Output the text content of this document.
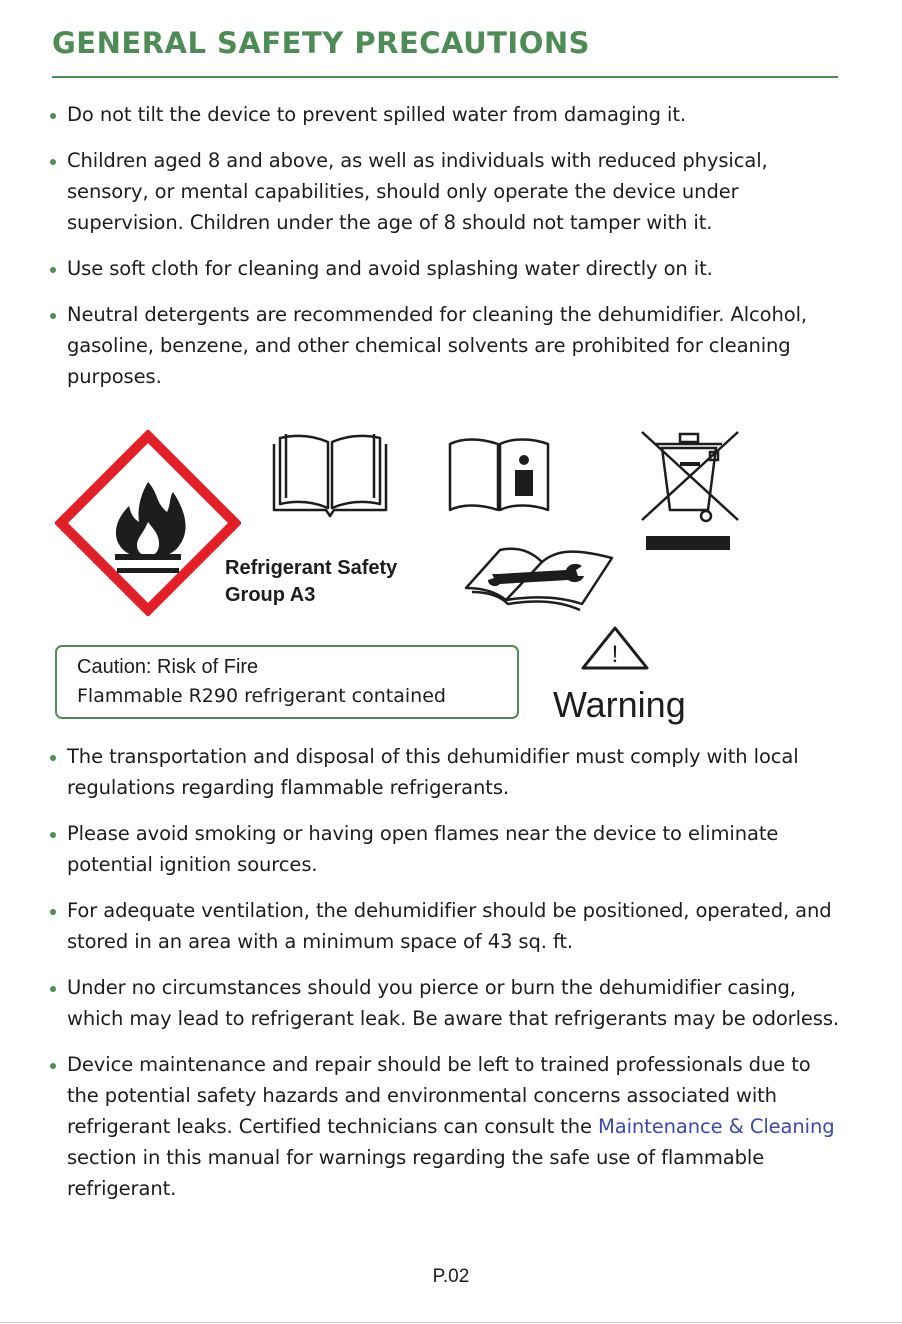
GENERAL SAFETY PRECAUTIONS
Do not tilt the device to prevent spilled water from damaging it.
Children aged 8 and above, as well as individuals with reduced physical, sensory, or mental capabilities, should only operate the device under supervision. Children under the age of 8 should not tamper with it.
Use soft cloth for cleaning and avoid splashing water directly on it.
Neutral detergents are recommended for cleaning the dehumidifier. Alcohol, gasoline, benzene, and other chemical solvents are prohibited for cleaning purposes.
i
Refrigerant Safety
Group A3
Caution: Risk of Fire
Flammable R290 refrigerant contained
!
Warning
The transportation and disposal of this dehumidifier must comply with local regulations regarding flammable refrigerants.
Please avoid smoking or having open flames near the device to eliminate potential ignition sources.
For adequate ventilation, the dehumidifier should be positioned, operated, and stored in an area with a minimum space of 43 sq. ft.
Under no circumstances should you pierce or burn the dehumidifier casing, which may lead to refrigerant leak. Be aware that refrigerants may be odorless.
Device maintenance and repair should be left to trained professionals due to the potential safety hazards and environmental concerns associated with refrigerant leaks. Certified technicians can consult the Maintenance & Cleaning section in this manual for warnings regarding the safe use of flammable refrigerant.
P.02
